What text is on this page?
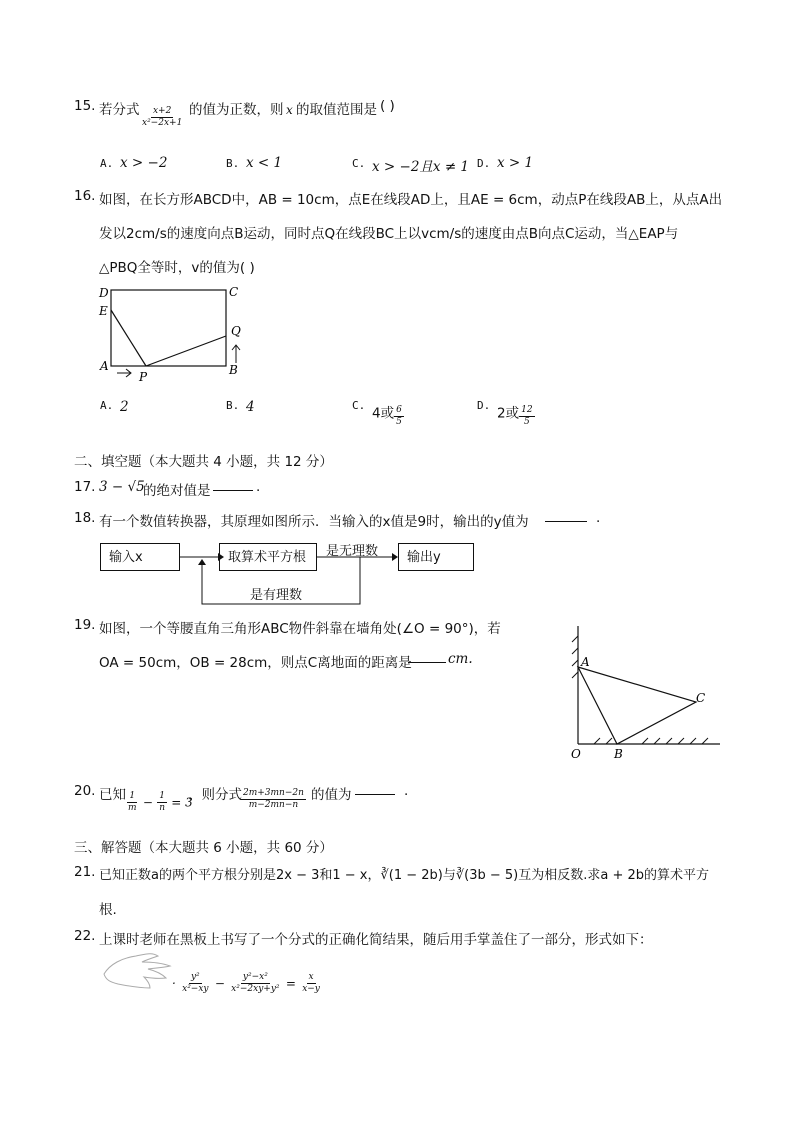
15. 若分式 $\frac{x+2}{\text{x²−2x+1}}$ 的值为正数，则 x 的取值范围是 ( )
A. x > −2	B. x < 1	C. x > −2且x ≠ 1 D. x > 1
16. 如图，在长方形ABCD中，AB = 10cm，点E在线段AD上，且AE = 6cm，动点P在线段AB上，从点A出
发以2cm/s的速度向点B运动，同时点Q在线段BC上以vcm/s的速度由点B向点C运动，当△EAP与
△PBQ全等时，v的值为( )
D	C
E
Q
A
P	B
A. 2	B. 4	C. 4或 $\frac{6}{5}$	D. 2或 $\frac{12}{5}$
二、填空题（本大题共 4 小题，共 12 分）
17. 3 − √5
的绝对值是	.
18. 有一个数值转换器，其原理如图所示．当输入的x值是9时，输出的y值为	.
输入x	取算术平方根	输出y
是无理数
是有理数
19. 如图，一个等腰直角三角形ABC物件斜靠在墙角处(∠O = 90°)，若
OA = 50cm，OB = 28cm，则点C离地面的距离是	cm.	A
C
O	B
20. 已知 $\frac{1}{m} - \frac{1}{n} = 3$
，则分式 $\frac{2m+3mn-2n}{m-2mn-n}$ 的值为	.
三、解答题（本大题共 6 小题，共 60 分）
21. 已知正数a的两个平方根分别是2x − 3和1 − x，∛(1 − 2b)与∛(3b − 5)互为相反数.求a + 2b的算术平方
根.
22. 上课时老师在黑板上书写了一个分式的正确化简结果，随后用手掌盖住了一部分，形式如下：
· $\frac{\text{y²}}{\text{x²−xy}} - \frac{\text{y²−x²}}{\text{x²−2xy+y²}} = \frac{x}{x-y}$
